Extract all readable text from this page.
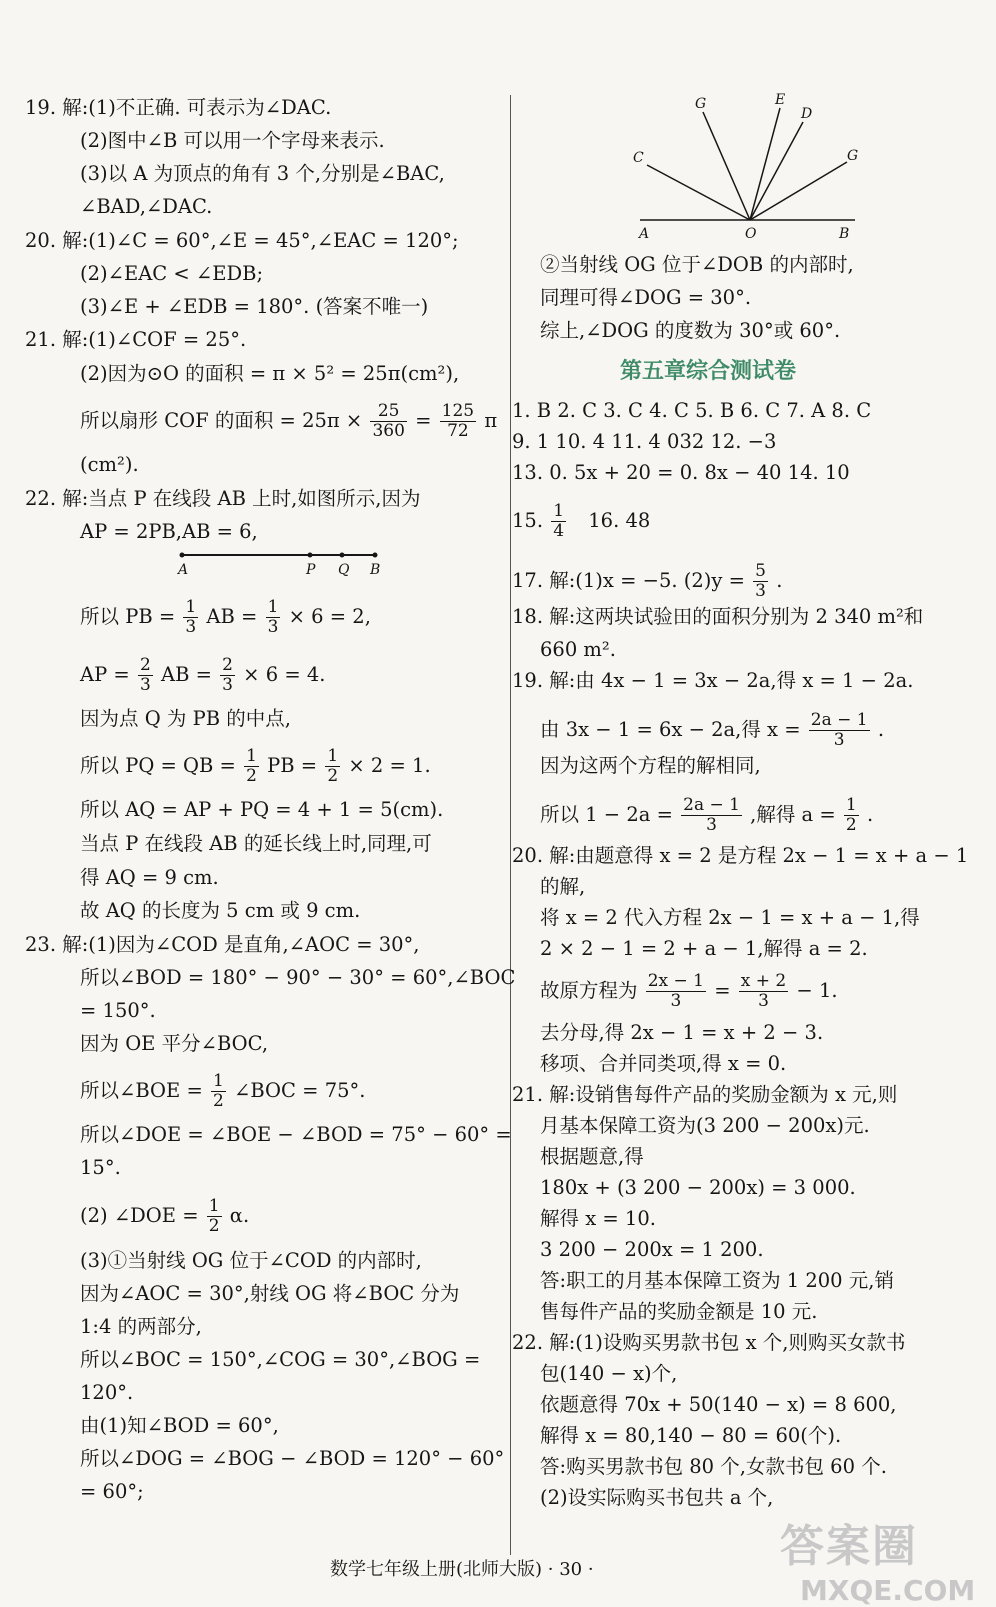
19. 解:(1)不正确. 可表示为∠DAC.
(2)图中∠B 可以用一个字母来表示.
(3)以 A 为顶点的角有 3 个,分别是∠BAC,
∠BAD,∠DAC.
20. 解:(1)∠C = 60°,∠E = 45°,∠EAC = 120°;
(2)∠EAC < ∠EDB;
(3)∠E + ∠EDB = 180°. (答案不唯一)
21. 解:(1)∠COF = 25°.
(2)因为⊙O 的面积 = π × 5² = 25π(cm²),
所以扇形 COF 的面积 = $25\pi \times \frac{25}{360} = \frac{125}{72}$ π
(cm²).
22. 解:当点 P 在线段 AB 上时,如图所示,因为
AP = 2PB,AB = 6,
A	P Q B
所以 PB = $\frac{1}{3}$ AB = $\frac{1}{3} \times 6 = 2$,
AP = $\frac{2}{3}$ AB = $\frac{2}{3} \times 6 = 4$.
因为点 Q 为 PB 的中点,
所以 PQ = QB = $\frac{1}{2}$ PB = $\frac{1}{2} \times 2 = 1$.
所以 AQ = AP + PQ = 4 + 1 = 5(cm).
当点 P 在线段 AB 的延长线上时,同理,可
得 AQ = 9 cm.
故 AQ 的长度为 5 cm 或 9 cm.
23. 解:(1)因为∠COD 是直角,∠AOC = 30°,
所以∠BOD = 180° − 90° − 30° = 60°,∠BOC
= 150°.
因为 OE 平分∠BOC,
所以∠BOE = $\frac{1}{2}$ ∠BOC = 75°.
所以∠DOE = ∠BOE − ∠BOD = 75° − 60° =
15°.
(2) ∠DOE = $\frac{1}{2} \alpha$.
(3)①当射线 OG 位于∠COD 的内部时,
因为∠AOC = 30°,射线 OG 将∠BOC 分为
1:4 的两部分,
所以∠BOC = 150°,∠COG = 30°,∠BOG =
120°.
由(1)知∠BOD = 60°,
所以∠DOG = ∠BOG − ∠BOD = 120° − 60°
= 60°;
G	E
D
C	G
A	O	B
②当射线 OG 位于∠DOB 的内部时,
同理可得∠DOG = 30°.
综上,∠DOG 的度数为 30°或 60°.
第五章综合测试卷
1. B 2. C 3. C 4. C 5. B 6. C 7. A 8. C
9. 1 10. 4 11. 4 032 12. −3
13. 0. 5x + 20 = 0. 8x − 40 14. 10
15. $\frac{1}{4} 16$. 48
17. 解:(1)x = −5. $(2)y = \frac{5}{3}$ .
18. 解:这两块试验田的面积分别为 2 340 m²和
660 m².
19. 解:由 4x − 1 = 3x − 2a,得 x = 1 − 2a.
由 3x − 1 = 6x − 2a,得 $x = \frac{2a - 1}{3}$ .
因为这两个方程的解相同,
所以 $1 - 2a = \frac{2a - 1}{3}$ ,解得 $a = \frac{1}{2}$ .
20. 解:由题意得 x = 2 是方程 2x − 1 = x + a − 1
的解,
将 x = 2 代入方程 2x − 1 = x + a − 1,得
2 × 2 − 1 = 2 + a − 1,解得 a = 2.
故原方程为 $\frac{2x - 1}{3} = \frac{x + 2}{3} - 1$.
去分母,得 2x − 1 = x + 2 − 3.
移项、合并同类项,得 x = 0.
21. 解:设销售每件产品的奖励金额为 x 元,则
月基本保障工资为(3 200 − 200x)元.
根据题意,得
180x + (3 200 − 200x) = 3 000.
解得 x = 10.
3 200 − 200x = 1 200.
答:职工的月基本保障工资为 1 200 元,销
售每件产品的奖励金额是 10 元.
22. 解:(1)设购买男款书包 x 个,则购买女款书
包(140 − x)个,
依题意得 70x + 50(140 − x) = 8 600,
解得 x = 80,140 − 80 = 60(个).
答:购买男款书包 80 个,女款书包 60 个.
(2)设实际购买书包共 a 个,
数学七年级上册(北师大版) · 30 ·	答案圈
MXQE.COM
